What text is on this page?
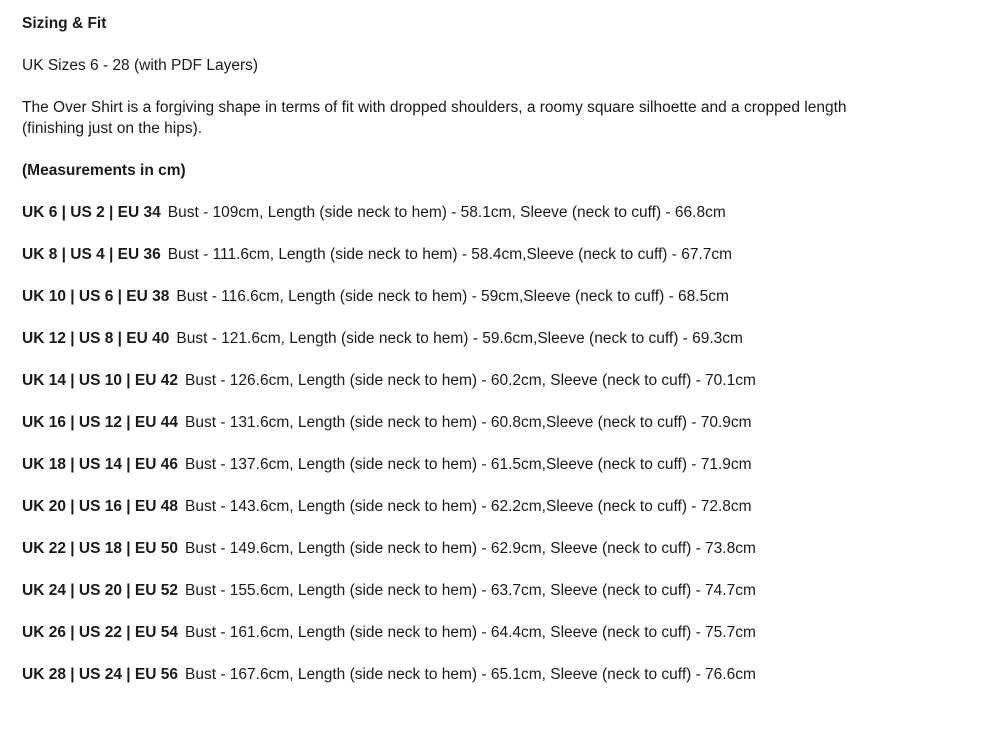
Sizing & Fit
UK Sizes 6 - 28 (with PDF Layers)
The Over Shirt is a forgiving shape in terms of fit with dropped shoulders, a roomy square silhoette and a cropped length
(finishing just on the hips).
(Measurements in cm)
UK 6 | US 2 | EU 34 Bust - 109cm, Length (side neck to hem) - 58.1cm, Sleeve (neck to cuff) - 66.8cm
UK 8 | US 4 | EU 36 Bust - 111.6cm, Length (side neck to hem) - 58.4cm,Sleeve (neck to cuff) - 67.7cm
UK 10 | US 6 | EU 38 Bust - 116.6cm, Length (side neck to hem) - 59cm,Sleeve (neck to cuff) - 68.5cm
UK 12 | US 8 | EU 40 Bust - 121.6cm, Length (side neck to hem) - 59.6cm,Sleeve (neck to cuff) - 69.3cm
UK 14 | US 10 | EU 42 Bust - 126.6cm, Length (side neck to hem) - 60.2cm, Sleeve (neck to cuff) - 70.1cm
UK 16 | US 12 | EU 44 Bust - 131.6cm, Length (side neck to hem) - 60.8cm,Sleeve (neck to cuff) - 70.9cm
UK 18 | US 14 | EU 46 Bust - 137.6cm, Length (side neck to hem) - 61.5cm,Sleeve (neck to cuff) - 71.9cm
UK 20 | US 16 | EU 48 Bust - 143.6cm, Length (side neck to hem) - 62.2cm,Sleeve (neck to cuff) - 72.8cm
UK 22 | US 18 | EU 50 Bust - 149.6cm, Length (side neck to hem) - 62.9cm, Sleeve (neck to cuff) - 73.8cm
UK 24 | US 20 | EU 52 Bust - 155.6cm, Length (side neck to hem) - 63.7cm, Sleeve (neck to cuff) - 74.7cm
UK 26 | US 22 | EU 54 Bust - 161.6cm, Length (side neck to hem) - 64.4cm, Sleeve (neck to cuff) - 75.7cm
UK 28 | US 24 | EU 56 Bust - 167.6cm, Length (side neck to hem) - 65.1cm, Sleeve (neck to cuff) - 76.6cm
